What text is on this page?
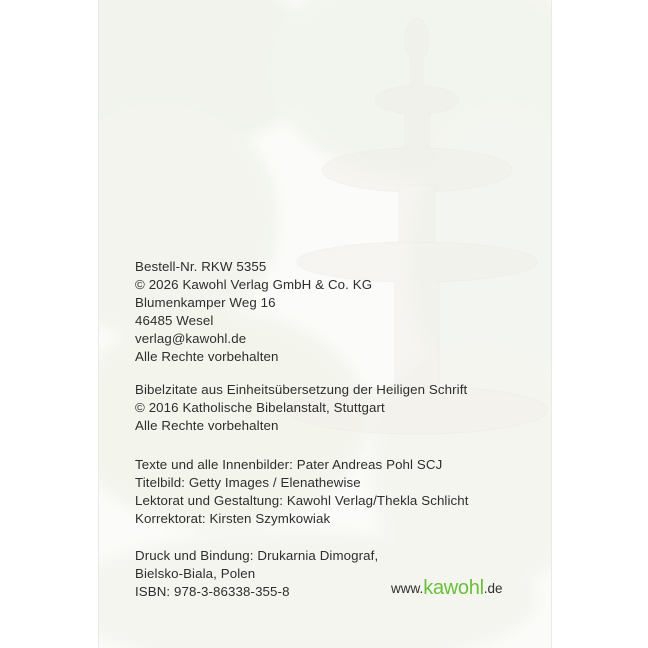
Bestell-Nr. RKW 5355
© 2026 Kawohl Verlag GmbH & Co. KG
Blumenkamper Weg 16
46485 Wesel
verlag@kawohl.de
Alle Rechte vorbehalten
Bibelzitate aus Einheitsübersetzung der Heiligen Schrift
© 2016 Katholische Bibelanstalt, Stuttgart
Alle Rechte vorbehalten
Texte und alle Innenbilder: Pater Andreas Pohl SCJ
Titelbild: Getty Images / Elenathewise
Lektorat und Gestaltung: Kawohl Verlag/Thekla Schlicht
Korrektorat: Kirsten Szymkowiak
Druck und Bindung: Drukarnia Dimograf,
Bielsko-Biala, Polen
ISBN: 978-3-86338-355-8	www.kawohl.de
